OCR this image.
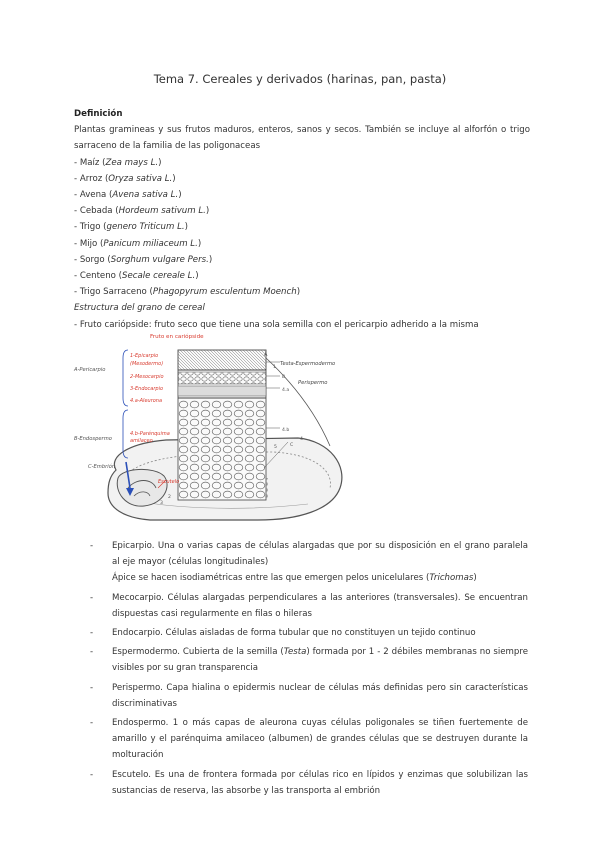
Tema 7. Cereales y derivados (harinas, pan, pasta)
Definición
Plantas gramineas y sus frutos maduros, enteros, sanos y secos. También se incluye al alforfón o trigo sarraceno de la familia de las poligonaceas
- Maíz (Zea mays L.)
- Arroz (Oryza sativa L.)
- Avena (Avena sativa L.)
- Cebada (Hordeum sativum L.)
- Trigo (genero Triticum L.)
- Mijo (Panicum miliaceum L.)
- Sorgo (Sorghum vulgare Pers.)
- Centeno (Secale cereale L.)
- Trigo Sarraceno (Phagopyrum esculentum Moench)
Estructura del grano de cereal
- Fruto cariópside: fruto seco que tiene una sola semilla con el pericarpio adherido a la misma
Fruto en cariópside
A-Pericarpio
1-Epicarpio
(Mesodermo)
2-Mesocarpio
3-Endocarpio
4.a-Aleurona
4.b-Parénquima
amilaceo
B-Endospermo
C-Embrión
Escutelo
A
1
Testa-Espermodermo
B
Perispermo
4.a
4.b
C
4
5
2
3
- Epicarpio. Una o varias capas de células alargadas que por su disposición en el grano paralela al eje mayor (células longitudinales)
Ápice se hacen isodiamétricas entre las que emergen pelos unicelulares (Trichomas)
- Mecocarpio. Células alargadas perpendiculares a las anteriores (transversales). Se encuentran dispuestas casi regularmente en filas o hileras
- Endocarpio. Células aisladas de forma tubular que no constituyen un tejido continuo
- Espermodermo. Cubierta de la semilla (Testa) formada por 1 - 2 débiles membranas no siempre visibles por su gran transparencia
- Perispermo. Capa hialina o epidermis nuclear de células más definidas pero sin características discriminativas
- Endospermo. 1 o más capas de aleurona cuyas células poligonales se tiñen fuertemente de amarillo y el parénquima amilaceo (albumen) de grandes células que se destruyen durante la molturación
- Escutelo. Es una de frontera formada por células rico en lípidos y enzimas que solubilizan las sustancias de reserva, las absorbe y las transporta al embrión
